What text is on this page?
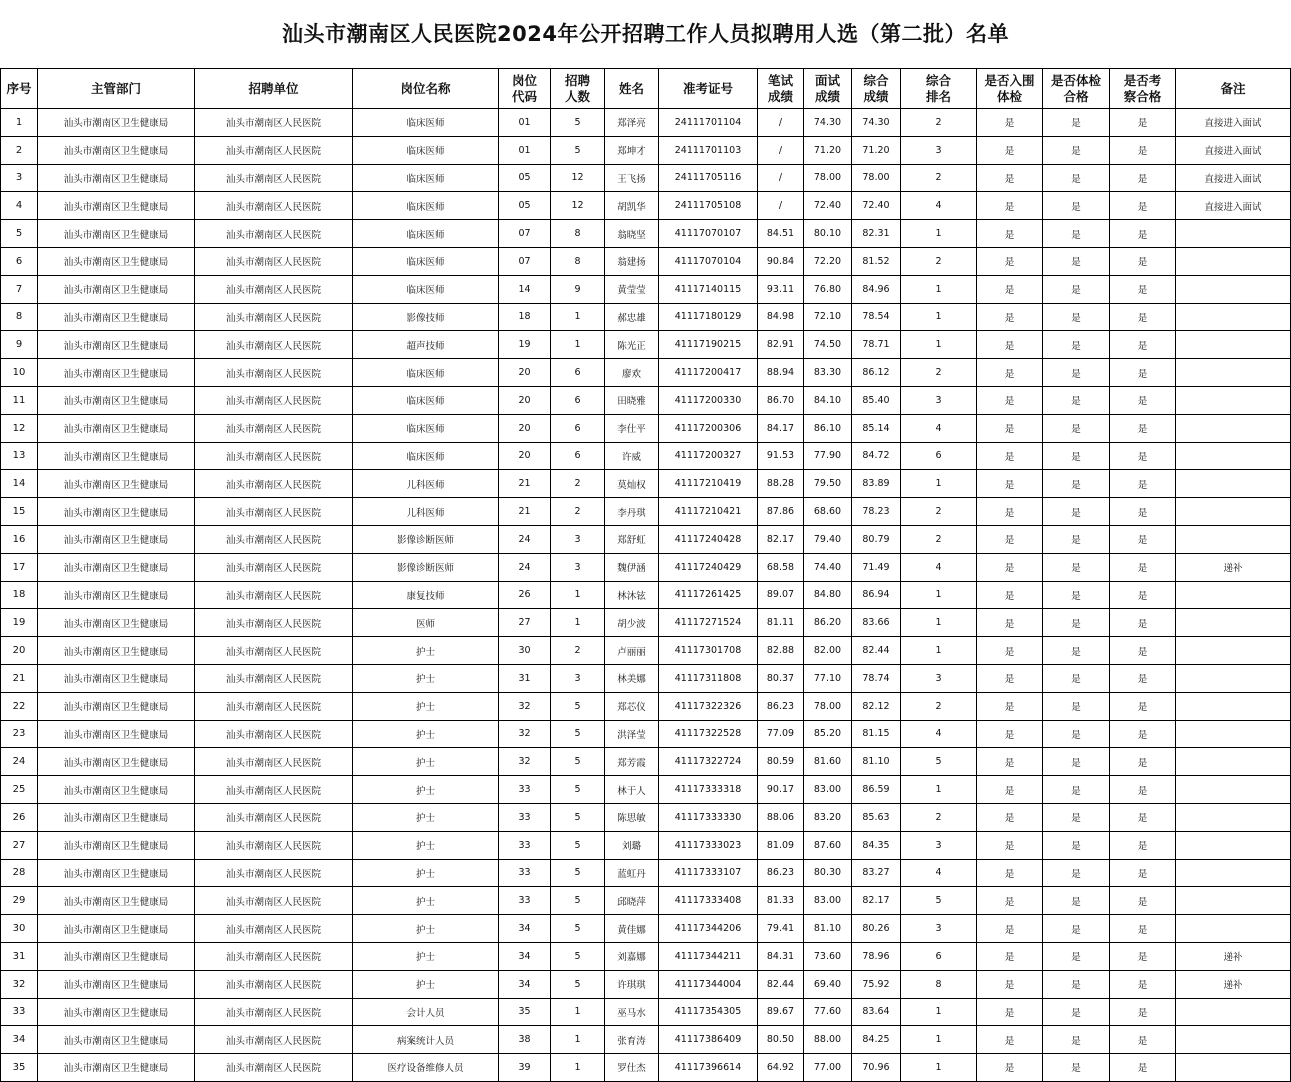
汕头市潮南区人民医院2024年公开招聘工作人员拟聘用人选（第二批）名单
序号	主管部门	招聘单位	岗位名称	岗位代码	招聘人数	姓名	准考证号	笔试成绩	面试成绩	综合成绩	综合排名	是否入围体检	是否体检合格	是否考察合格	备注
1	汕头市潮南区卫生健康局	汕头市潮南区人民医院	临床医师	01	5	郑泽亮	24111701104	/	74.30	74.30	2	是	是	是	直接进入面试
2	汕头市潮南区卫生健康局	汕头市潮南区人民医院	临床医师	01	5	郑坤才	24111701103	/	71.20	71.20	3	是	是	是	直接进入面试
3	汕头市潮南区卫生健康局	汕头市潮南区人民医院	临床医师	05	12	王飞扬	24111705116	/	78.00	78.00	2	是	是	是	直接进入面试
4	汕头市潮南区卫生健康局	汕头市潮南区人民医院	临床医师	05	12	胡凯华	24111705108	/	72.40	72.40	4	是	是	是	直接进入面试
5	汕头市潮南区卫生健康局	汕头市潮南区人民医院	临床医师	07	8	翁晓坚	41117070107	84.51	80.10	82.31	1	是	是	是	
6	汕头市潮南区卫生健康局	汕头市潮南区人民医院	临床医师	07	8	翁建扬	41117070104	90.84	72.20	81.52	2	是	是	是	
7	汕头市潮南区卫生健康局	汕头市潮南区人民医院	临床医师	14	9	黄莹莹	41117140115	93.11	76.80	84.96	1	是	是	是	
8	汕头市潮南区卫生健康局	汕头市潮南区人民医院	影像技师	18	1	郝忠雄	41117180129	84.98	72.10	78.54	1	是	是	是	
9	汕头市潮南区卫生健康局	汕头市潮南区人民医院	超声技师	19	1	陈光正	41117190215	82.91	74.50	78.71	1	是	是	是	
10	汕头市潮南区卫生健康局	汕头市潮南区人民医院	临床医师	20	6	廖欢	41117200417	88.94	83.30	86.12	2	是	是	是	
11	汕头市潮南区卫生健康局	汕头市潮南区人民医院	临床医师	20	6	田晓雅	41117200330	86.70	84.10	85.40	3	是	是	是	
12	汕头市潮南区卫生健康局	汕头市潮南区人民医院	临床医师	20	6	李仕平	41117200306	84.17	86.10	85.14	4	是	是	是	
13	汕头市潮南区卫生健康局	汕头市潮南区人民医院	临床医师	20	6	许威	41117200327	91.53	77.90	84.72	6	是	是	是	
14	汕头市潮南区卫生健康局	汕头市潮南区人民医院	儿科医师	21	2	莫灿权	41117210419	88.28	79.50	83.89	1	是	是	是	
15	汕头市潮南区卫生健康局	汕头市潮南区人民医院	儿科医师	21	2	李丹琪	41117210421	87.86	68.60	78.23	2	是	是	是	
16	汕头市潮南区卫生健康局	汕头市潮南区人民医院	影像诊断医师	24	3	郑舒虹	41117240428	82.17	79.40	80.79	2	是	是	是	
17	汕头市潮南区卫生健康局	汕头市潮南区人民医院	影像诊断医师	24	3	魏伊涵	41117240429	68.58	74.40	71.49	4	是	是	是	递补
18	汕头市潮南区卫生健康局	汕头市潮南区人民医院	康复技师	26	1	林沐铉	41117261425	89.07	84.80	86.94	1	是	是	是	
19	汕头市潮南区卫生健康局	汕头市潮南区人民医院	医师	27	1	胡少波	41117271524	81.11	86.20	83.66	1	是	是	是	
20	汕头市潮南区卫生健康局	汕头市潮南区人民医院	护士	30	2	卢丽丽	41117301708	82.88	82.00	82.44	1	是	是	是	
21	汕头市潮南区卫生健康局	汕头市潮南区人民医院	护士	31	3	林美娜	41117311808	80.37	77.10	78.74	3	是	是	是	
22	汕头市潮南区卫生健康局	汕头市潮南区人民医院	护士	32	5	郑芯仪	41117322326	86.23	78.00	82.12	2	是	是	是	
23	汕头市潮南区卫生健康局	汕头市潮南区人民医院	护士	32	5	洪泽莹	41117322528	77.09	85.20	81.15	4	是	是	是	
24	汕头市潮南区卫生健康局	汕头市潮南区人民医院	护士	32	5	郑芳霞	41117322724	80.59	81.60	81.10	5	是	是	是	
25	汕头市潮南区卫生健康局	汕头市潮南区人民医院	护士	33	5	林于人	41117333318	90.17	83.00	86.59	1	是	是	是	
26	汕头市潮南区卫生健康局	汕头市潮南区人民医院	护士	33	5	陈思敏	41117333330	88.06	83.20	85.63	2	是	是	是	
27	汕头市潮南区卫生健康局	汕头市潮南区人民医院	护士	33	5	刘璐	41117333023	81.09	87.60	84.35	3	是	是	是	
28	汕头市潮南区卫生健康局	汕头市潮南区人民医院	护士	33	5	蓝虹丹	41117333107	86.23	80.30	83.27	4	是	是	是	
29	汕头市潮南区卫生健康局	汕头市潮南区人民医院	护士	33	5	邱晓萍	41117333408	81.33	83.00	82.17	5	是	是	是	
30	汕头市潮南区卫生健康局	汕头市潮南区人民医院	护士	34	5	黄佳娜	41117344206	79.41	81.10	80.26	3	是	是	是	
31	汕头市潮南区卫生健康局	汕头市潮南区人民医院	护士	34	5	刘嘉娜	41117344211	84.31	73.60	78.96	6	是	是	是	递补
32	汕头市潮南区卫生健康局	汕头市潮南区人民医院	护士	34	5	许琪琪	41117344004	82.44	69.40	75.92	8	是	是	是	递补
33	汕头市潮南区卫生健康局	汕头市潮南区人民医院	会计人员	35	1	巫马水	41117354305	89.67	77.60	83.64	1	是	是	是	
34	汕头市潮南区卫生健康局	汕头市潮南区人民医院	病案统计人员	38	1	张育涛	41117386409	80.50	88.00	84.25	1	是	是	是	
35	汕头市潮南区卫生健康局	汕头市潮南区人民医院	医疗设备维修人员	39	1	罗仕杰	41117396614	64.92	77.00	70.96	1	是	是	是	
